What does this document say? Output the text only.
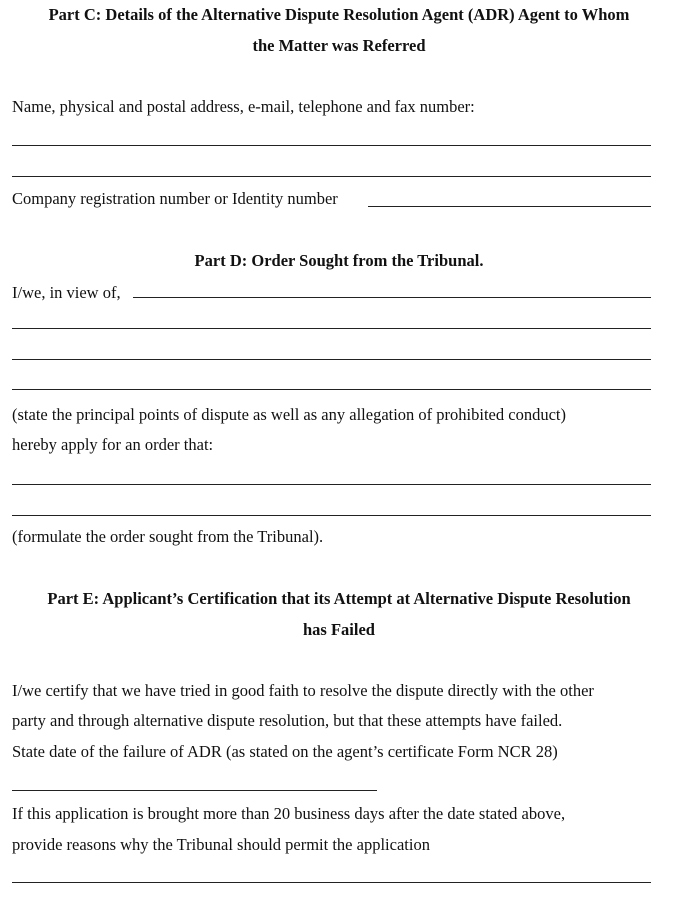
Part C: Details of the Alternative Dispute Resolution Agent (ADR) Agent to Whom
the Matter was Referred
Name, physical and postal address, e-mail, telephone and fax number:
Company registration number or Identity number
Part D: Order Sought from the Tribunal.
I/we, in view of,
(state the principal points of dispute as well as any allegation of prohibited conduct)
hereby apply for an order that:
(formulate the order sought from the Tribunal).
Part E: Applicant’s Certification that its Attempt at Alternative Dispute Resolution
has Failed
I/we certify that we have tried in good faith to resolve the dispute directly with the other
party and through alternative dispute resolution, but that these attempts have failed.
State date of the failure of ADR (as stated on the agent’s certificate Form NCR 28)
If this application is brought more than 20 business days after the date stated above,
provide reasons why the Tribunal should permit the application
